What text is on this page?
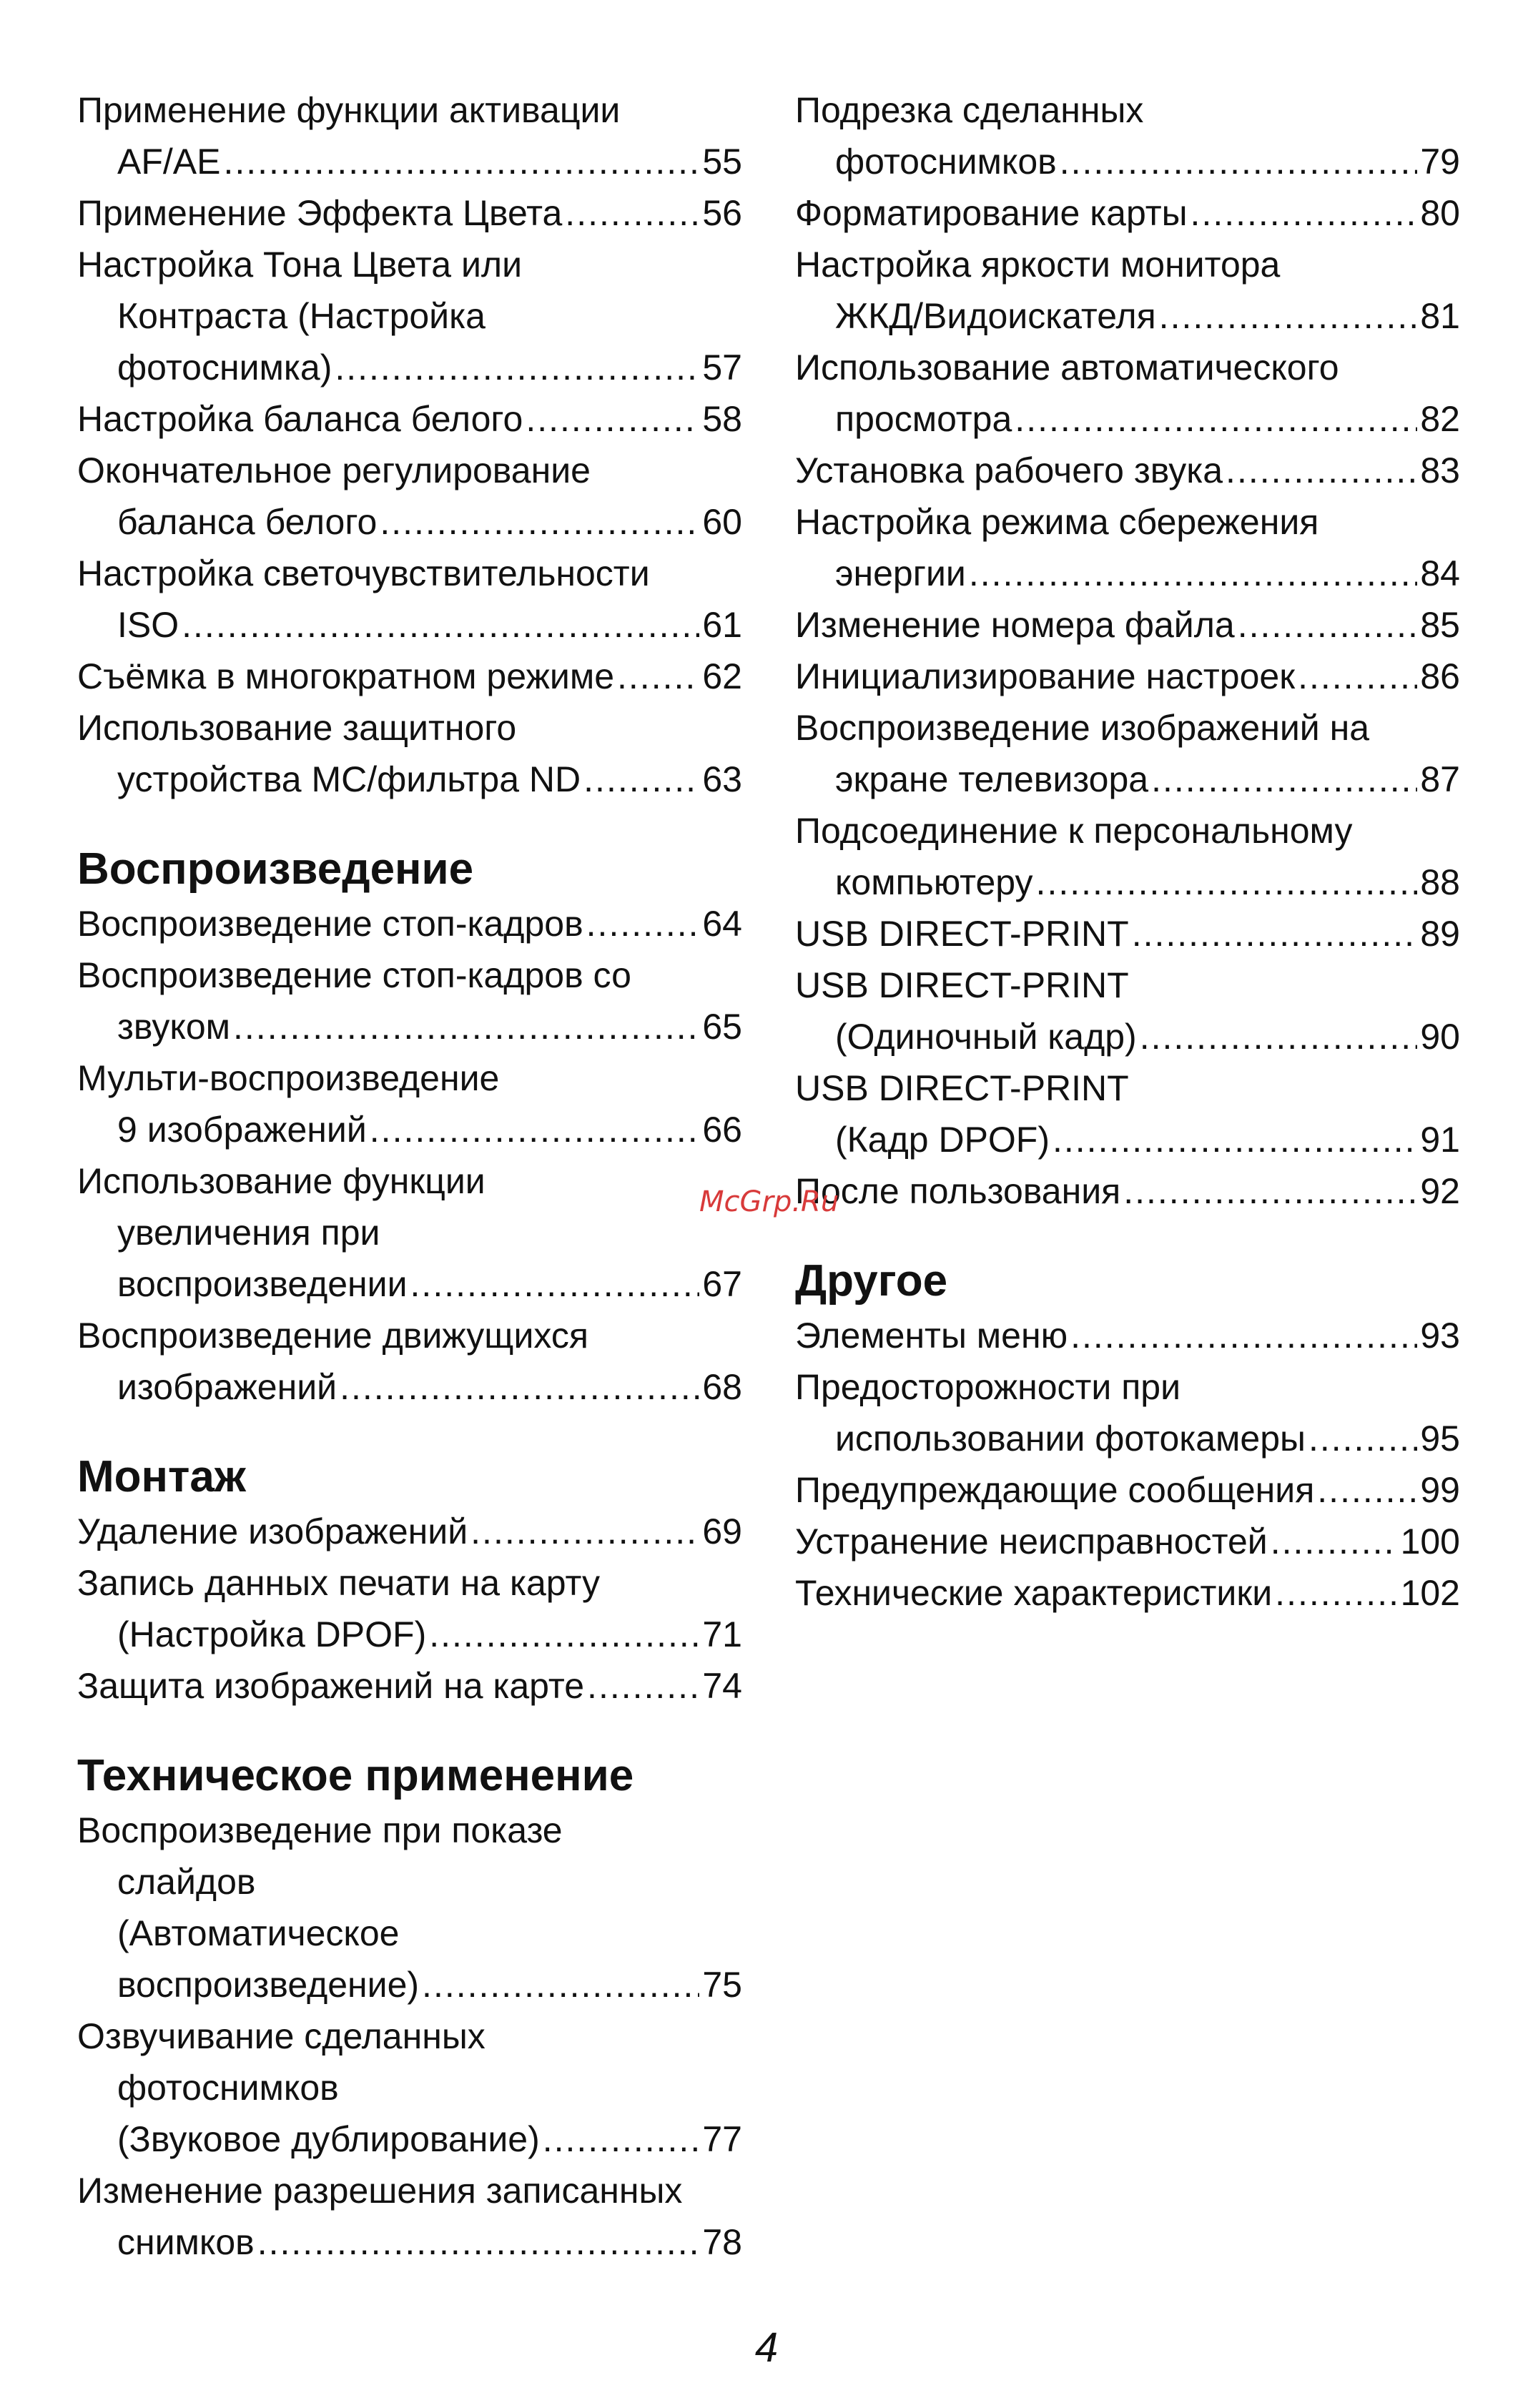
Применение функции активации
AF/AE .....	55
Применение Эффекта Цвета .....	56
Настройка Тона Цвета или
Контраста (Настройка
фотоснимка) .....	57
Настройка баланса белого .....	58
Окончательное регулирование
баланса белого .....	60
Настройка светочувствительности
ISO .....	61
Съёмка в многократном режиме ..... 62
Использование защитного
устройства MC/фильтра ND .....	63
Воспроизведение
Воспроизведение стоп-кадров .....	64
Воспроизведение стоп-кадров со
звуком .....	65
Мульти-воспроизведение
9 изображений .....	66
Использование функции
увеличения при
воспроизведении .....	67
Воспроизведение движущихся
изображений .....	68
Монтаж
Удаление изображений .....	69
Запись данных печати на карту
(Настройка DPOF) .....	71
Защита изображений на карте .....	74
Техническое применение
Воспроизведение при показе
слайдов
(Автоматическое
воспроизведение) .....	75
Озвучивание сделанных
фотоснимков
(Звуковое дублирование) .....	77
Изменение разрешения записанных
снимков .....	78
Подрезка сделанных
фотоснимков .....	79
Форматирование карты .....	80
Настройка яркости монитора
ЖКД/Видоискателя .....	81
Использование автоматического
просмотра .....	82
Установка рабочего звука .....	83
Настройка режима сбережения
энергии .....	84
Изменение номера файла .....	85
Инициализирование настроек .....	86
Воспроизведение изображений на
экране телевизора .....	87
Подсоединение к персональному
компьютеру .....	88
USB DIRECT-PRINT .....	89
USB DIRECT-PRINT
(Одиночный кадр) .....	90
USB DIRECT-PRINT
(Кадр DPOF) .....	91
После пользования .....	92
Другое
Элементы меню .....	93
Предосторожности при
использовании фотокамеры .....	95
Предупреждающие сообщения .....	99
Устранение неисправностей .....	100
Технические характеристики .....	102
McGrp.Ru
4
